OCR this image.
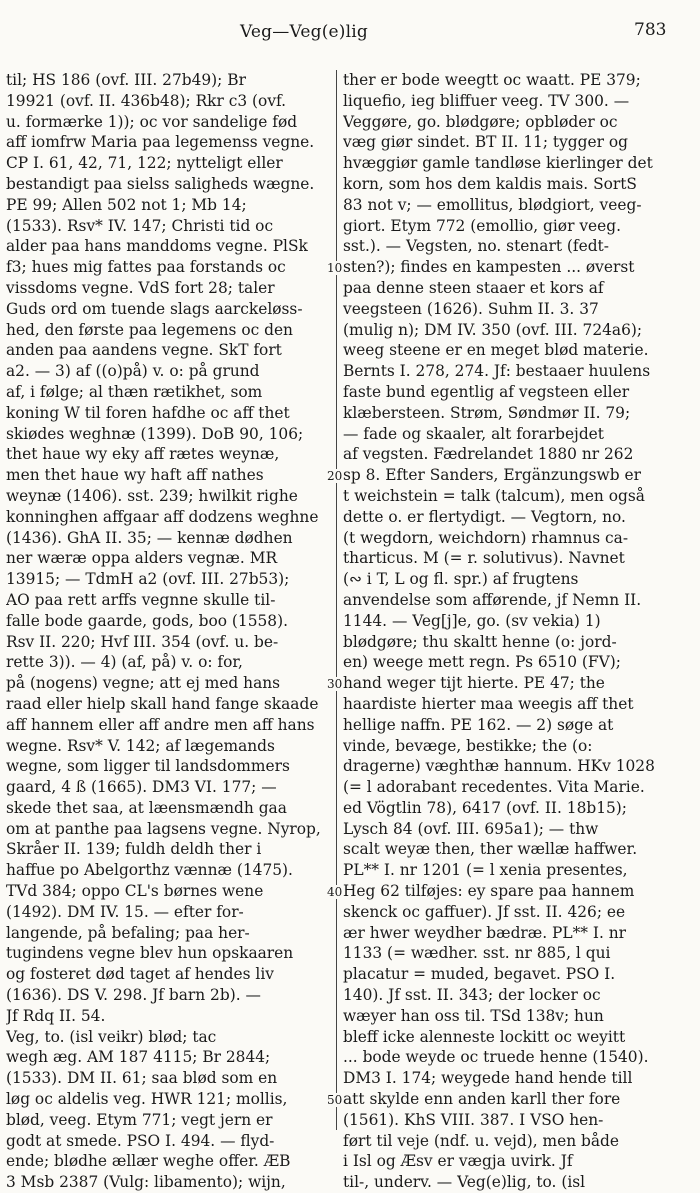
Veg—Veg(e)lig	783
til; HS 186 (ovf. III. 27b49); Br
19921 (ovf. II. 436b48); Rkr c3 (ovf.
u. formærke 1)); oc vor sandelige fød
aff iomfrw Maria paa legemenss vegne.
CP I. 61, 42, 71, 122; nytteligt eller
bestandigt paa sielss saligheds wægne.
PE 99; Allen 502 not 1; Mb 14;
(1533). Rsv* IV. 147; Christi tid oc
alder paa hans manddoms vegne. PlSk
f3; hues mig fattes paa forstands oc
vissdoms vegne. VdS fort 28; taler
Guds ord om tuende slags aarckeløss-
hed, den første paa legemens oc den
anden paa aandens vegne. SkT fort
a2. — 3) af ((o)på) v. o: på grund
af, i følge; al thæn rætikhet, som
koning W til foren hafdhe oc aff thet
skiødes weghnæ (1399). DoB 90, 106;
thet haue wy eky aff rætes weynæ,
men thet haue wy haft aff nathes
weynæ (1406). sst. 239; hwilkit righe
konninghen affgaar aff dodzens weghne
(1436). GhA II. 35; — kennæ dødhen
ner wæræ oppa alders vegnæ. MR
13915; — TdmH a2 (ovf. III. 27b53);
AO paa rett arffs vegnne skulle til-
falle bode gaarde, gods, boo (1558).
Rsv II. 220; Hvf III. 354 (ovf. u. be-
rette 3)). — 4) (af, på) v. o: for,
på (nogens) vegne; att ej med hans
raad eller hielp skall hand fange skaade
aff hannem eller aff andre men aff hans
wegne. Rsv* V. 142; af lægemands
wegne, som ligger til landsdommers
gaard, 4 ß (1665). DM3 VI. 177; —
skede thet saa, at læensmændh gaa
om at panthe paa lagsens vegne. Nyrop,
Skråer II. 139; fuldh deldh ther i
haffue po Abelgorthz vænnæ (1475).
TVd 384; oppo CL's børnes wene
(1492). DM IV. 15. — efter for-
langende, på befaling; paa her-
tugindens vegne blev hun opskaaren
og fosteret død taget af hendes liv
(1636). DS V. 298. Jf barn 2b). —
Jf Rdq II. 54.
Veg, to. (isl veikr) blød; tac
wegh æg. AM 187 4115; Br 2844;
(1533). DM II. 61; saa blød som en
løg oc aldelis veg. HWR 121; mollis,
blød, veeg. Etym 771; vegt jern er
godt at smede. PSO I. 494. — flyd-
ende; blødhe ællær weghe offer. ÆB
3 Msb 2387 (Vulg: libamento); wijn,
10
20
30
40
50
ther er bode weegtt oc waatt. PE 379;
liquefio, ieg bliffuer veeg. TV 300. —
Veggøre, go. blødgøre; opbløder oc
væg giør sindet. BT II. 11; tygger og
hvæggiør gamle tandløse kierlinger det
korn, som hos dem kaldis mais. SortS
83 not v; — emollitus, blødgiort, veeg-
giort. Etym 772 (emollio, giør veeg.
sst.). — Vegsten, no. stenart (fedt-
sten?); findes en kampesten ... øverst
paa denne steen staaer et kors af
veegsteen (1626). Suhm II. 3. 37
(mulig n); DM IV. 350 (ovf. III. 724a6);
weeg steene er en meget blød materie.
Bernts I. 278, 274. Jf: bestaaer huulens
faste bund egentlig af vegsteen eller
klæbersteen. Strøm, Søndmør II. 79;
— fade og skaaler, alt forarbejdet
af vegsten. Fædrelandet 1880 nr 262
sp 8. Efter Sanders, Ergänzungswb er
t weichstein = talk (talcum), men også
dette o. er flertydigt. — Vegtorn, no.
(t wegdorn, weichdorn) rhamnus ca-
tharticus. M (= r. solutivus). Navnet
(∾ i T, L og fl. spr.) af frugtens
anvendelse som afførende, jf Nemn II.
1144. — Veg[j]e, go. (sv vekia) 1)
blødgøre; thu skaltt henne (o: jord-
en) weege mett regn. Ps 6510 (FV);
hand weger tijt hierte. PE 47; the
haardiste hierter maa weegis aff thet
hellige naffn. PE 162. — 2) søge at
vinde, bevæge, bestikke; the (o:
dragerne) væghthæ hannum. HKv 1028
(= l adorabant recedentes. Vita Marie.
ed Vögtlin 78), 6417 (ovf. II. 18b15);
Lysch 84 (ovf. III. 695a1); — thw
scalt weyæ then, ther wællæ haffwer.
PL** I. nr 1201 (= l xenia presentes,
Heg 62 tilføjes: ey spare paa hannem
skenck oc gaffuer). Jf sst. II. 426; ee
ær hwer weydher bædræ. PL** I. nr
1133 (= wædher. sst. nr 885, l qui
placatur = muded, begavet. PSO I.
140). Jf sst. II. 343; der locker oc
wæyer han oss til. TSd 138v; hun
bleff icke alenneste lockitt oc weyitt
... bode weyde oc truede henne (1540).
DM3 I. 174; weygede hand hende till
att skylde enn anden karll ther fore
(1561). KhS VIII. 387. I VSO hen-
ført til veje (ndf. u. vejd), men både
i Isl og Æsv er vægja uvirk. Jf
til-, underv. — Veg(e)lig, to. (isl
